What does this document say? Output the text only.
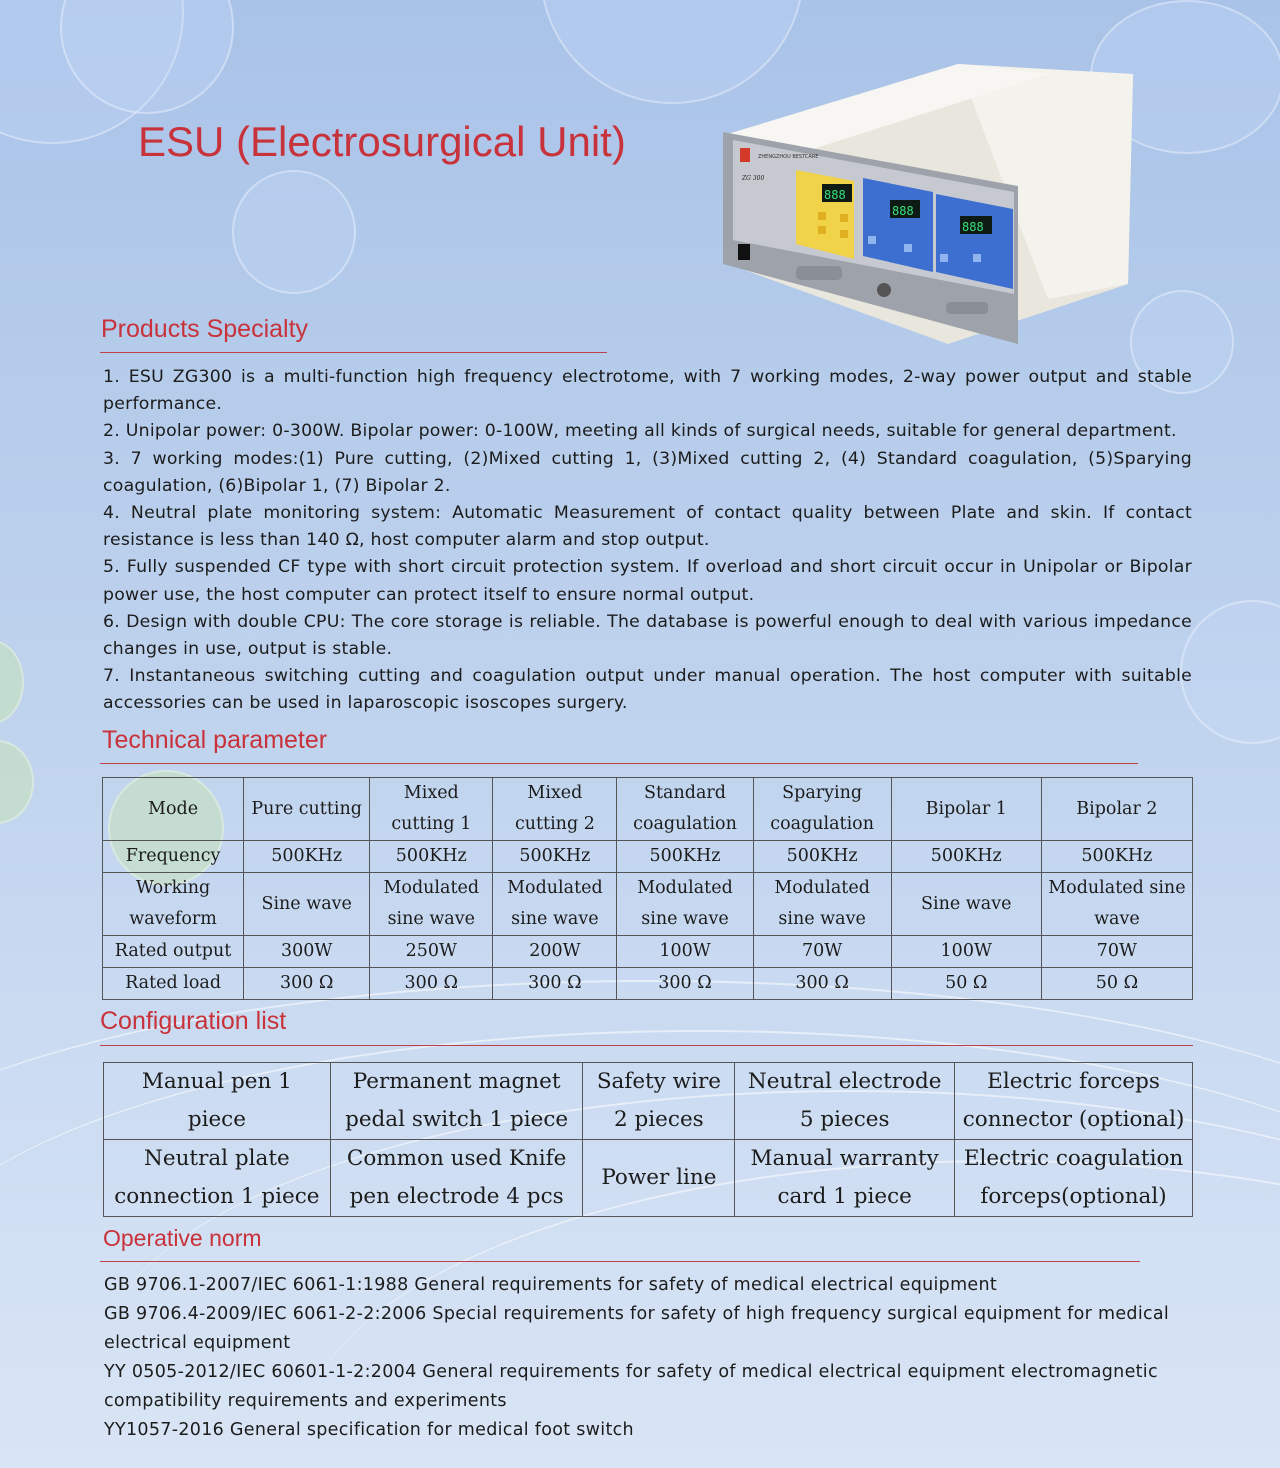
ESU (Electrosurgical Unit)	ZHENGZHOU BESTCARE
ZG 300
888
888
888
Products Specialty

1. ESU ZG300 is a multi-function high frequency electrotome, with 7 working modes, 2-way power output and stable performance.

2. Unipolar power: 0-300W. Bipolar power: 0-100W, meeting all kinds of surgical needs, suitable for general department.

3. 7 working modes:(1) Pure cutting, (2)Mixed cutting 1, (3)Mixed cutting 2, (4) Standard coagulation, (5)Sparying coagulation, (6)Bipolar 1, (7) Bipolar 2.

4. Neutral plate monitoring system: Automatic Measurement of contact quality between Plate and skin. If contact resistance is less than 140 Ω, host computer alarm and stop output.

5. Fully suspended CF type with short circuit protection system. If overload and short circuit occur in Unipolar or Bipolar power use, the host computer can protect itself to ensure normal output.

6. Design with double CPU: The core storage is reliable. The database is powerful enough to deal with various impedance changes in use, output is stable.

7. Instantaneous switching cutting and coagulation output under manual operation. The host computer with suitable accessories can be used in laparoscopic isoscopes surgery.

Technical parameter
Mode	Pure cutting	Mixed cutting 1	Mixed cutting 2	Standard coagulation	Sparying coagulation	Bipolar 1	Bipolar 2
Frequency	500KHz	500KHz	500KHz	500KHz	500KHz	500KHz	500KHz
Working waveform	Sine wave	Modulated sine wave	Modulated sine wave	Modulated sine wave	Modulated sine wave	Sine wave	Modulated sine wave
Rated output	300W	250W	200W	100W	70W	100W	70W
Rated load	300 Ω	300 Ω	300 Ω	300 Ω	300 Ω	50 Ω	50 Ω
Configuration list
Manual pen 1 piece	Permanent magnet pedal switch 1 piece	Safety wire 2 pieces	Neutral electrode 5 pieces	Electric forceps connector (optional)
Neutral plate connection 1 piece	Common used Knife pen electrode 4 pcs	Power line	Manual warranty card 1 piece	Electric coagulation forceps(optional)
Operative norm

GB 9706.1-2007/IEC 6061-1:1988 General requirements for safety of medical electrical equipment

GB 9706.4-2009/IEC 6061-2-2:2006 Special requirements for safety of high frequency surgical equipment for medical electrical equipment

YY 0505-2012/IEC 60601-1-2:2004 General requirements for safety of medical electrical equipment electromagnetic compatibility requirements and experiments

YY1057-2016 General specification for medical foot switch
